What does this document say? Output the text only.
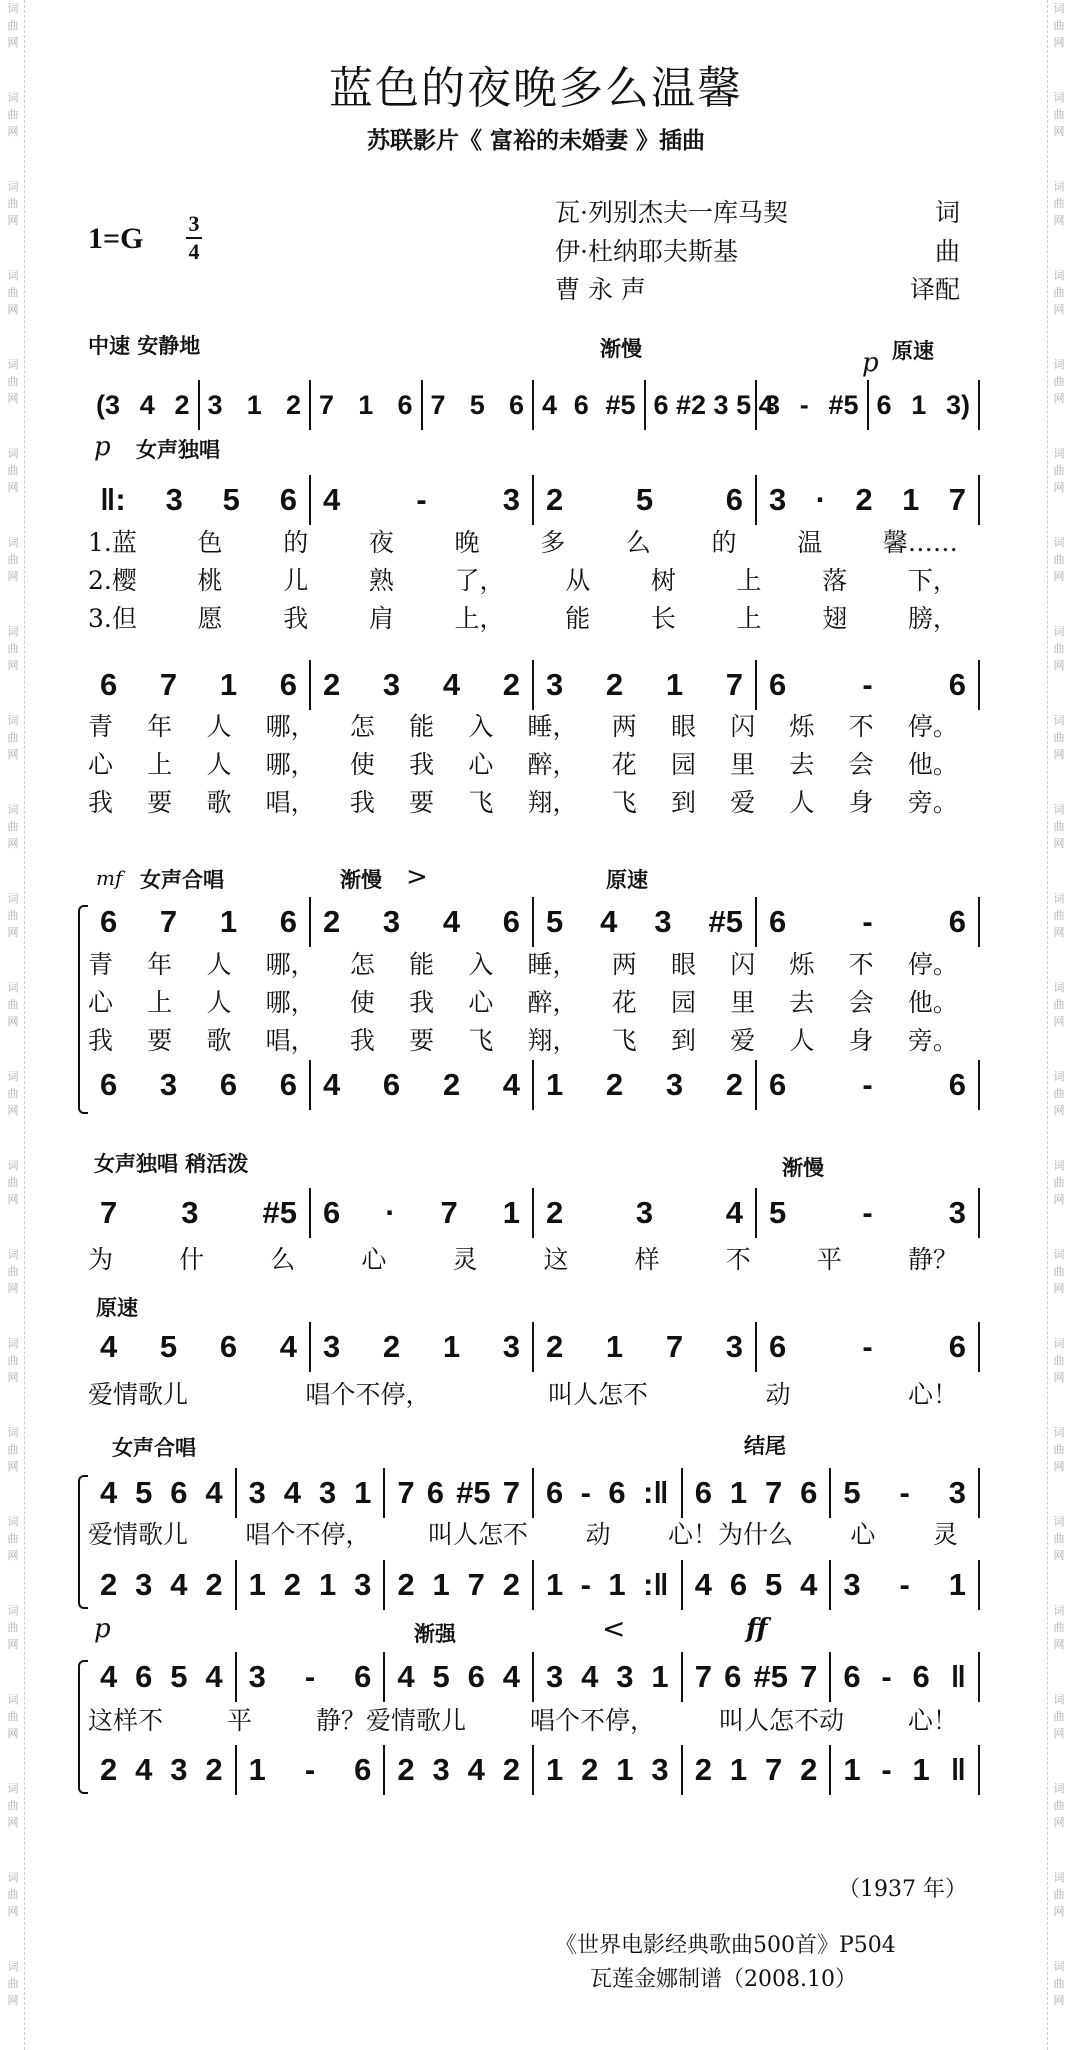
词
曲
网
词
曲
网
词
曲
网
词
曲
网
词
曲
网
词
曲
网
词
曲
网
词
曲
网
词
曲
网
词
曲
网
词
曲
网
词
曲
网
词
曲
网
词
曲
网
词
曲
网
词
曲
网
词
曲
网
词
曲
网
词
曲
网
词
曲
网
词
曲
网
词
曲
网
词
曲
网
词
曲
网
词
曲
网
词
曲
网
词
曲
网
词
曲
网
词
曲
网
词
曲
网
词
曲
网
词
曲
网
词
曲
网
词
曲
网
词
曲
网
词
曲
网
词
曲
网
词
曲
网
词
曲
网
词
曲
网
词
曲
网
词
曲
网
词
曲
网
词
曲
网
词
曲
网
词
曲
网
蓝色的夜晚多么温馨
苏联影片《 富裕的未婚妻 》插曲
瓦·列别杰夫一库马契	词
伊·杜纳耶夫斯基	曲
曹 永 声	译配
1=G 3
4
中速 安静地	渐慢	p 原速
p 女声独唱
mf 女声合唱	渐慢 >	原速
女声独唱 稍活泼	渐慢
原速
女声合唱	结尾
p	渐强	<	ff
(3 4 2 3 1 2 7 1 6 7 5 6 4 6 #5 6 #2 3 5 4
3 - #5 6 1 3)
‖: 3 5 6 4 - 3 2 5 6 3 · 2 1 7
6 7 1 6 2 3 4 2 3 2 1 7 6 - 6
6 7 1 6 2 3 4 6 5 4 3 #5 6 - 6
6 3 6 6 4 6 2 4 1 2 3 2 6 - 6
7 3 #5 6 · 7 1 2 3 4 5 - 3
4 5 6 4 3 2 1 3 2 1 7 3 6 - 6
4 5 6 4 3 4 3 1 7 6 #5 7 6 - 6 :‖ 6 1 7 6 5 - 3
2 3 4 2 1 2 1 3 2 1 7 2 1 - 1 :‖ 4 6 5 4 3 - 1
4 6 5 4 3 - 6 4 5 6 4 3 4 3 1 7 6 #5 7 6 - 6 ‖
2 4 3 2 1 - 6 2 3 4 2 1 2 1 3 2 1 7 2 1 - 1 ‖
1.蓝 色 的 夜 晚 多 么 的 温 馨……
2.樱 桃 儿 熟 了， 从 树 上 落 下，
3.但 愿 我 肩 上， 能 长 上 翅 膀，
青 年 人 哪， 怎 能 入 睡， 两 眼 闪 烁 不 停。
心 上 人 哪， 使 我 心 醉， 花 园 里 去 会 他。
我 要 歌 唱， 我 要 飞 翔， 飞 到 爱 人 身 旁。
青 年 人 哪， 怎 能 入 睡， 两 眼 闪 烁 不 停。
心 上 人 哪， 使 我 心 醉， 花 园 里 去 会 他。
我 要 歌 唱， 我 要 飞 翔， 飞 到 爱 人 身 旁。
为	什	么	心	灵	这	样	不	平	静？
爱情歌儿	唱个不停，	叫人怎不	动	心！
爱情歌儿 唱个不停， 叫人怎不 动 心！为什么 心 灵
这样不	平	静？爱情歌儿	唱个不停，	叫人怎不动	心！
（1937 年）
《世界电影经典歌曲500首》P504
瓦莲金娜制谱（2008.10）
